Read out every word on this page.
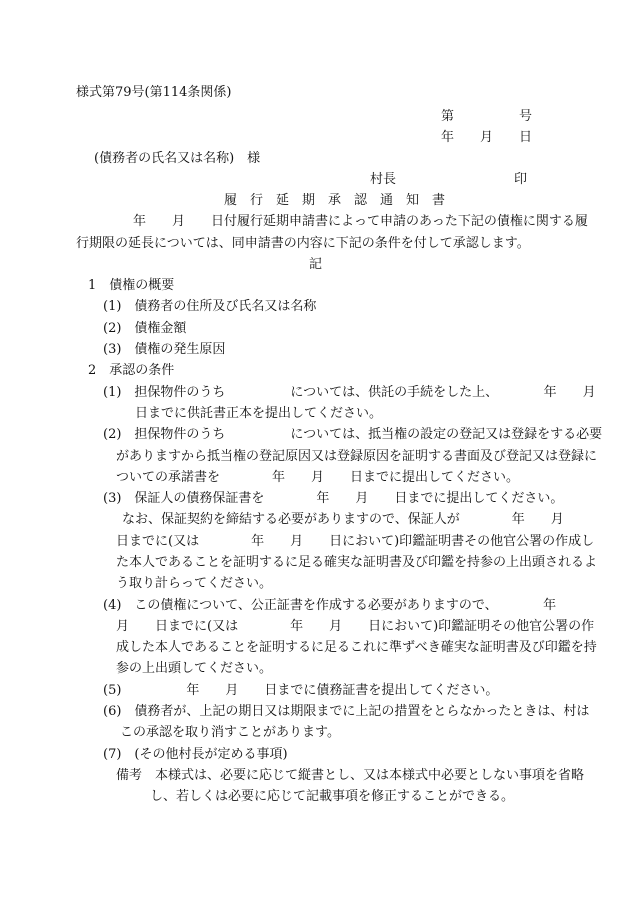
様式第79号(第114条関係)
第　　　　　号
年　　月　　日
(債務者の氏名又は名称)　様
村長	印
履　行　延　期　承　認　通　知　書
年　　月　　日付履行延期申請書によって申請のあった下記の債権に関する履
行期限の延長については、同申請書の内容に下記の条件を付して承認します。
記
1　債権の概要
(1)　債務者の住所及び氏名又は名称
(2)　債権金額
(3)　債権の発生原因
2　承認の条件
(1)　担保物件のうち　　　　　については、供託の手続をした上、　　　　年　　月
日までに供託書正本を提出してください。
(2)　担保物件のうち　　　　　については、抵当権の設定の登記又は登録をする必要
がありますから抵当権の登記原因又は登録原因を証明する書面及び登記又は登録に
ついての承諾書を　　　　年　　月　　日までに提出してください。
(3)　保証人の債務保証書を　　　　年　　月　　日までに提出してください。
なお、保証契約を締結する必要がありますので、保証人が　　　　年　　月
日までに(又は　　　　年　　月　　日において)印鑑証明書その他官公署の作成し
た本人であることを証明するに足る確実な証明書及び印鑑を持参の上出頭されるよ
う取り計らってください。
(4)　この債権について、公正証書を作成する必要がありますので、　　　　年
月　　日までに(又は　　　　年　　月　　日において)印鑑証明その他官公署の作
成した本人であることを証明するに足るこれに準ずべき確実な証明書及び印鑑を持
参の上出頭してください。
(5)　　　　　年　　月　　日までに債務証書を提出してください。
(6)　債務者が、上記の期日又は期限までに上記の措置をとらなかったときは、村は
この承認を取り消すことがあります。
(7)　(その他村長が定める事項)
備考　本様式は、必要に応じて縦書とし、又は本様式中必要としない事項を省略
し、若しくは必要に応じて記載事項を修正することができる。
